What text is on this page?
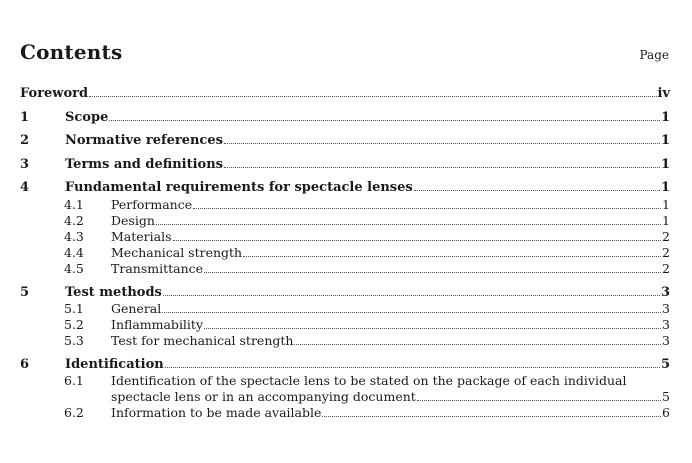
Contents	Page
Foreword	iv
1	Scope	1
2	Normative references	1
3	Terms and definitions	1
4	Fundamental requirements for spectacle lenses	1
4.1	Performance	1
4.2	Design	1
4.3	Materials	2
4.4	Mechanical strength	2
4.5	Transmittance	2
5	Test methods	3
5.1	General	3
5.2	Inflammability	3
5.3	Test for mechanical strength	3
6	Identification	5
6.1	Identification of the spectacle lens to be stated on the package of each individual
spectacle lens or in an accompanying document	5
6.2	Information to be made available	6
